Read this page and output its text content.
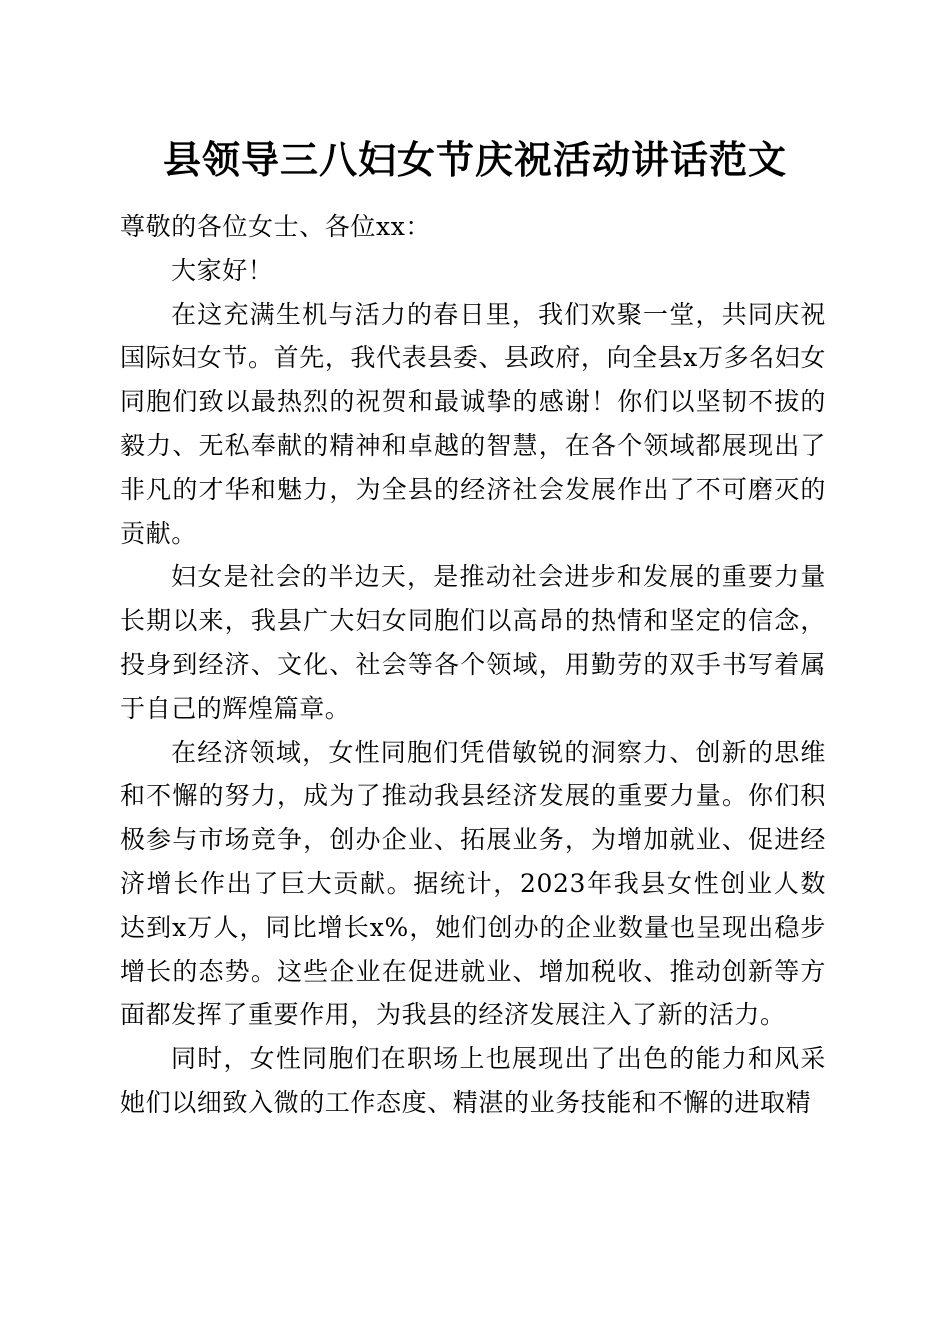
县领导三八妇女节庆祝活动讲话范文

尊敬的各位女士、各位xx：

大家好！

在这充满生机与活力的春日里，我们欢聚一堂，共同庆祝国际妇女节。首先，我代表县委、县政府，向全县x万多名妇女同胞们致以最热烈的祝贺和最诚挚的感谢！你们以坚韧不拔的毅力、无私奉献的精神和卓越的智慧，在各个领域都展现出了非凡的才华和魅力，为全县的经济社会发展作出了不可磨灭的贡献。

妇女是社会的半边天，是推动社会进步和发展的重要力量长期以来，我县广大妇女同胞们以高昂的热情和坚定的信念，投身到经济、文化、社会等各个领域，用勤劳的双手书写着属于自己的辉煌篇章。

在经济领域，女性同胞们凭借敏锐的洞察力、创新的思维和不懈的努力，成为了推动我县经济发展的重要力量。你们积极参与市场竞争，创办企业、拓展业务，为增加就业、促进经济增长作出了巨大贡献。据统计，2023年我县女性创业人数达到x万人，同比增长x%，她们创办的企业数量也呈现出稳步增长的态势。这些企业在促进就业、增加税收、推动创新等方面都发挥了重要作用，为我县的经济发展注入了新的活力。

同时，女性同胞们在职场上也展现出了出色的能力和风采她们以细致入微的工作态度、精湛的业务技能和不懈的进取精
